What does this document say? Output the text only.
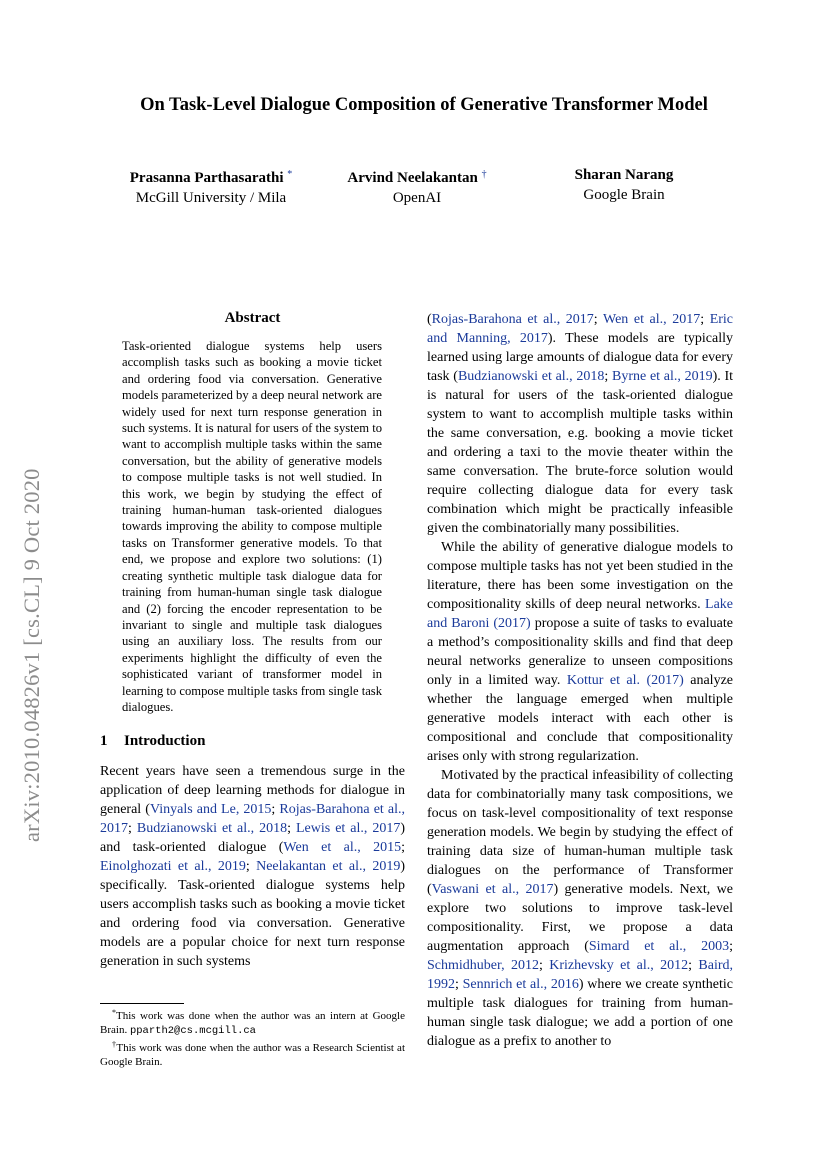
arXiv:2010.04826v1 [cs.CL] 9 Oct 2020
On Task-Level Dialogue Composition of Generative Transformer Model
Prasanna Parthasarathi *
McGill University / Mila
Arvind Neelakantan †
OpenAI
Sharan Narang
Google Brain
Abstract

Task-oriented dialogue systems help users accomplish tasks such as booking a movie ticket and ordering food via conversation. Generative models parameterized by a deep neural network are widely used for next turn response generation in such systems. It is natural for users of the system to want to accomplish multiple tasks within the same conversation, but the ability of generative models to compose multiple tasks is not well studied. In this work, we begin by studying the effect of training human-human task-oriented dialogues towards improving the ability to compose multiple tasks on Transformer generative models. To that end, we propose and explore two solutions: (1) creating synthetic multiple task dialogue data for training from human-human single task dialogue and (2) forcing the encoder representation to be invariant to single and multiple task dialogues using an auxiliary loss. The results from our experiments highlight the difficulty of even the sophisticated variant of transformer model in learning to compose multiple tasks from single task dialogues.

1 Introduction

Recent years have seen a tremendous surge in the application of deep learning methods for dialogue in general (Vinyals and Le, 2015; Rojas-Barahona et al., 2017; Budzianowski et al., 2018; Lewis et al., 2017) and task-oriented dialogue (Wen et al., 2015; Einolghozati et al., 2019; Neelakantan et al., 2019) specifically. Task-oriented dialogue systems help users accomplish tasks such as booking a movie ticket and ordering food via conversation. Generative models are a popular choice for next turn response generation in such systems

*This work was done when the author was an intern at Google Brain. pparth2@cs.mcgill.ca

†This work was done when the author was a Research Scientist at Google Brain.

(Rojas-Barahona et al., 2017; Wen et al., 2017; Eric and Manning, 2017). These models are typically learned using large amounts of dialogue data for every task (Budzianowski et al., 2018; Byrne et al., 2019). It is natural for users of the task-oriented dialogue system to want to accomplish multiple tasks within the same conversation, e.g. booking a movie ticket and ordering a taxi to the movie theater within the same conversation. The brute-force solution would require collecting dialogue data for every task combination which might be practically infeasible given the combinatorially many possibilities.

While the ability of generative dialogue models to compose multiple tasks has not yet been studied in the literature, there has been some investigation on the compositionality skills of deep neural networks. Lake and Baroni (2017) propose a suite of tasks to evaluate a method’s compositionality skills and find that deep neural networks generalize to unseen compositions only in a limited way. Kottur et al. (2017) analyze whether the language emerged when multiple generative models interact with each other is compositional and conclude that compositionality arises only with strong regularization.

Motivated by the practical infeasibility of collecting data for combinatorially many task compositions, we focus on task-level compositionality of text response generation models. We begin by studying the effect of training data size of human-human multiple task dialogues on the performance of Transformer (Vaswani et al., 2017) generative models. Next, we explore two solutions to improve task-level compositionality. First, we propose a data augmentation approach (Simard et al., 2003; Schmidhuber, 2012; Krizhevsky et al., 2012; Baird, 1992; Sennrich et al., 2016) where we create synthetic multiple task dialogues for training from human-human single task dialogue; we add a portion of one dialogue as a prefix to another to
